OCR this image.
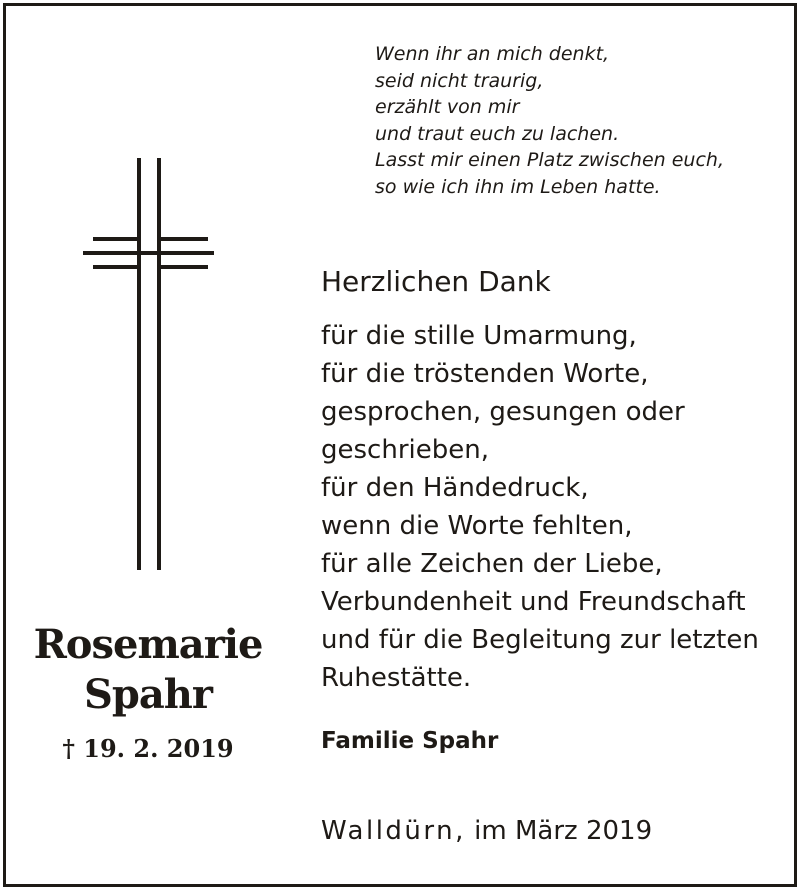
Wenn ihr an mich denkt,
seid nicht traurig,
erzählt von mir
und traut euch zu lachen.
Lasst mir einen Platz zwischen euch,
so wie ich ihn im Leben hatte.
Herzlichen Dank
für die stille Umarmung,
für die tröstenden Worte,
gesprochen, gesungen oder
geschrieben,
für den Händedruck,
wenn die Worte fehlten,
für alle Zeichen der Liebe,
Verbundenheit und Freundschaft
und für die Begleitung zur letzten
Ruhestätte.
Rosemarie
Spahr
† 19. 2. 2019	Familie Spahr
Walldürn, im März 2019
